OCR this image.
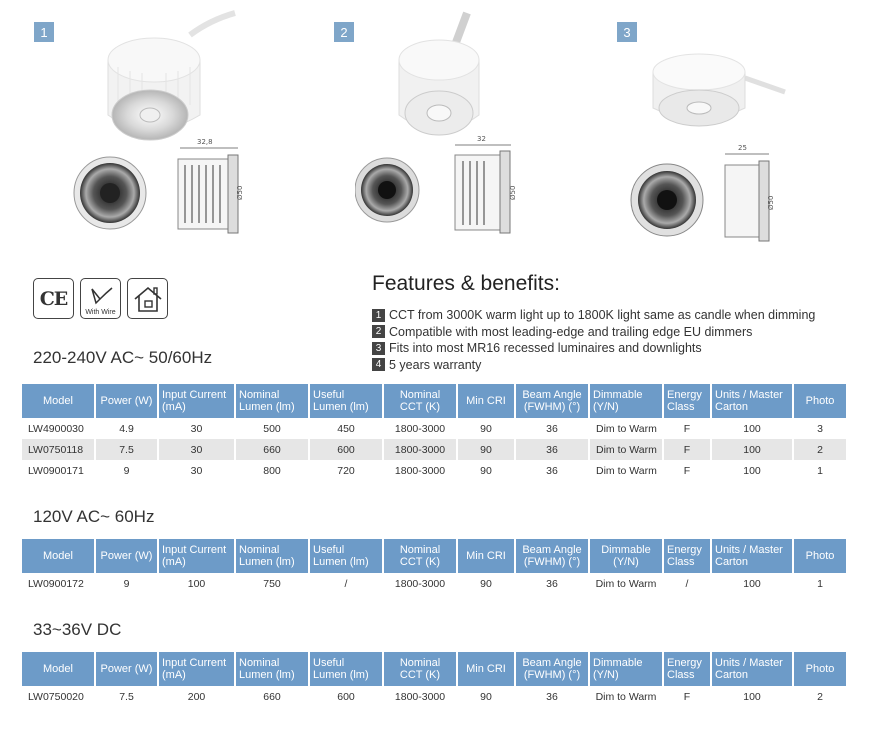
1	2	3
32,8
Ø50
32
Ø50
25
Ø50
CE
With Wire
Features & benefits:
1 CCT from 3000K warm light up to 1800K light same as candle when dimming
2 Compatible with most leading-edge and trailing edge EU dimmers
3 Fits into most MR16 recessed luminaires and downlights
4 5 years warranty
220-240V AC~ 50/60Hz
Model	Power (W)	Input Current (mA)	Nominal Lumen (lm)	Useful Lumen (lm)	Nominal CCT (K)	Min CRI	Beam Angle (FWHM) (°)	Dimmable (Y/N)	Energy Class	Units / Master Carton	Photo
LW4900030	4.9	30	500	450	1800-3000	90	36	Dim to Warm	F	100	3
LW0750118	7.5	30	660	600	1800-3000	90	36	Dim to Warm	F	100	2
LW0900171	9	30	800	720	1800-3000	90	36	Dim to Warm	F	100	1
120V AC~ 60Hz
Model	Power (W)	Input Current (mA)	Nominal Lumen (lm)	Useful Lumen (lm)	Nominal CCT (K)	Min CRI	Beam Angle (FWHM) (°)	Dimmable (Y/N)	Energy Class	Units / Master Carton	Photo
LW0900172	9	100	750	/	1800-3000	90	36	Dim to Warm	/	100	1
33~36V DC
Model	Power (W)	Input Current (mA)	Nominal Lumen (lm)	Useful Lumen (lm)	Nominal CCT (K)	Min CRI	Beam Angle (FWHM) (°)	Dimmable (Y/N)	Energy Class	Units / Master Carton	Photo
LW0750020	7.5	200	660	600	1800-3000	90	36	Dim to Warm	F	100	2
